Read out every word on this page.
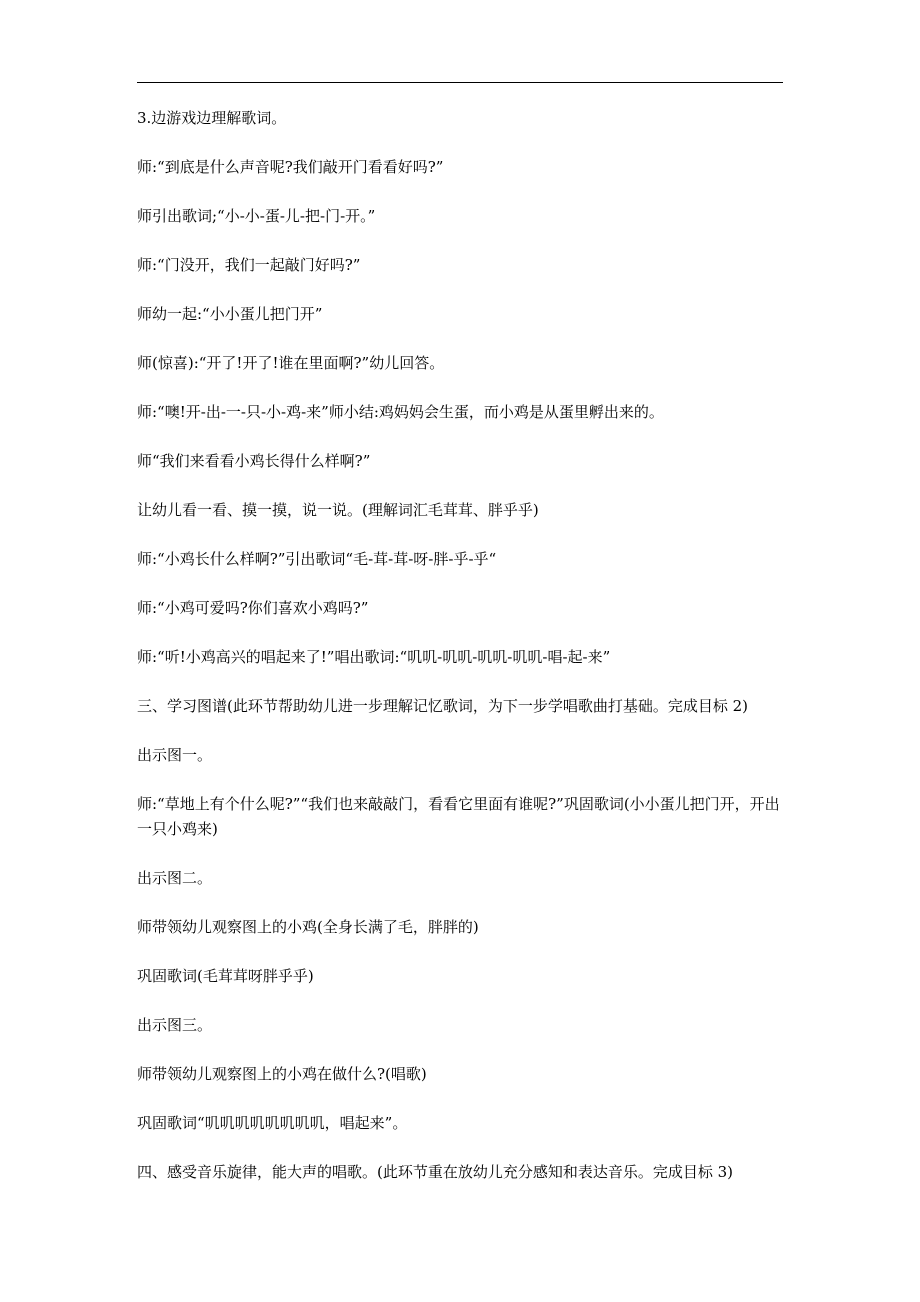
3.边游戏边理解歌词。

师:“到底是什么声音呢?我们敲开门看看好吗?”

师引出歌词;“小-小-蛋-儿-把-门-开。”

师:“门没开，我们一起敲门好吗?”

师幼一起:“小小蛋儿把门开”

师(惊喜):“开了!开了!谁在里面啊?”幼儿回答。

师:“噢!开-出-一-只-小-鸡-来”师小结:鸡妈妈会生蛋，而小鸡是从蛋里孵出来的。

师“我们来看看小鸡长得什么样啊?”

让幼儿看一看、摸一摸，说一说。(理解词汇毛茸茸、胖乎乎)

师:“小鸡长什么样啊?”引出歌词“毛-茸-茸-呀-胖-乎-乎“

师:“小鸡可爱吗?你们喜欢小鸡吗?”

师:“听!小鸡高兴的唱起来了!”唱出歌词:“叽叽-叽叽-叽叽-叽叽-唱-起-来”

三、学习图谱(此环节帮助幼儿进一步理解记忆歌词，为下一步学唱歌曲打基础。完成目标 2)

出示图一。

师:“草地上有个什么呢?”“我们也来敲敲门，看看它里面有谁呢?”巩固歌词(小小蛋儿把门开，开出一只小鸡来)

出示图二。

师带领幼儿观察图上的小鸡(全身长满了毛，胖胖的)

巩固歌词(毛茸茸呀胖乎乎)

出示图三。

师带领幼儿观察图上的小鸡在做什么?(唱歌)

巩固歌词“叽叽叽叽叽叽叽叽，唱起来”。

四、感受音乐旋律，能大声的唱歌。(此环节重在放幼儿充分感知和表达音乐。完成目标 3)
